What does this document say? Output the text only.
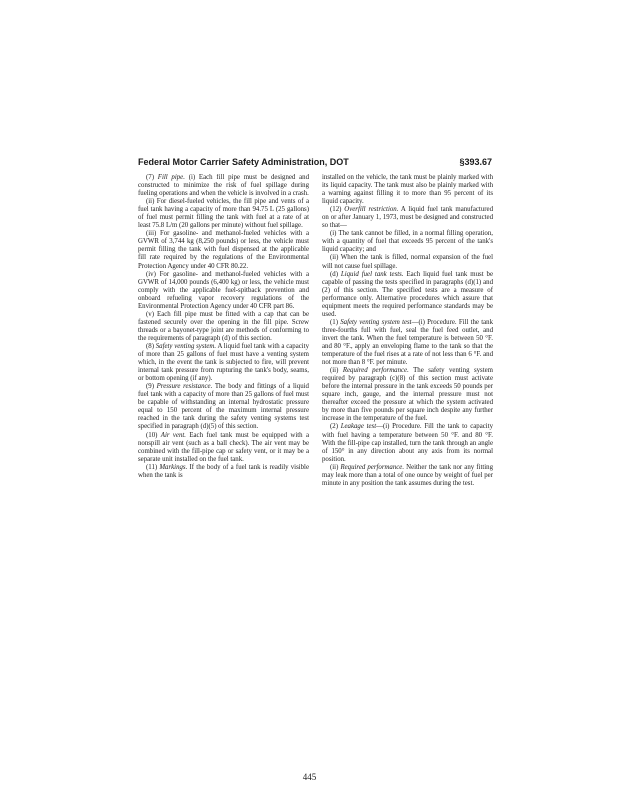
Federal Motor Carrier Safety Administration, DOT	§393.67

(7) Fill pipe. (i) Each fill pipe must be designed and constructed to minimize the risk of fuel spillage during fueling operations and when the vehicle is involved in a crash.

(ii) For diesel-fueled vehicles, the fill pipe and vents of a fuel tank having a capacity of more than 94.75 L (25 gallons) of fuel must permit filling the tank with fuel at a rate of at least 75.8 L/m (20 gallons per minute) without fuel spillage.

(iii) For gasoline- and methanol-fueled vehicles with a GVWR of 3,744 kg (8,250 pounds) or less, the vehicle must permit filling the tank with fuel dispensed at the applicable fill rate required by the regulations of the Environmental Protection Agency under 40 CFR 80.22.

(iv) For gasoline- and methanol-fueled vehicles with a GVWR of 14,000 pounds (6,400 kg) or less, the vehicle must comply with the applicable fuel-spitback prevention and onboard refueling vapor recovery regulations of the Environmental Protection Agency under 40 CFR part 86.

(v) Each fill pipe must be fitted with a cap that can be fastened securely over the opening in the fill pipe. Screw threads or a bayonet-type joint are methods of conforming to the requirements of paragraph (d) of this section.

(8) Safety venting system. A liquid fuel tank with a capacity of more than 25 gallons of fuel must have a venting system which, in the event the tank is subjected to fire, will prevent internal tank pressure from rupturing the tank's body, seams, or bottom opening (if any).

(9) Pressure resistance. The body and fittings of a liquid fuel tank with a capacity of more than 25 gallons of fuel must be capable of withstanding an internal hydrostatic pressure equal to 150 percent of the maximum internal pressure reached in the tank during the safety venting systems test specified in paragraph (d)(5) of this section.

(10) Air vent. Each fuel tank must be equipped with a nonspill air vent (such as a ball check). The air vent may be combined with the fill-pipe cap or safety vent, or it may be a separate unit installed on the fuel tank.

(11) Markings. If the body of a fuel tank is readily visible when the tank is

installed on the vehicle, the tank must be plainly marked with its liquid capacity. The tank must also be plainly marked with a warning against filling it to more than 95 percent of its liquid capacity.

(12) Overfill restriction. A liquid fuel tank manufactured on or after January 1, 1973, must be designed and constructed so that—

(i) The tank cannot be filled, in a normal filling operation, with a quantity of fuel that exceeds 95 percent of the tank's liquid capacity; and

(ii) When the tank is filled, normal expansion of the fuel will not cause fuel spillage.

(d) Liquid fuel tank tests. Each liquid fuel tank must be capable of passing the tests specified in paragraphs (d)(1) and (2) of this section. The specified tests are a measure of performance only. Alternative procedures which assure that equipment meets the required performance standards may be used.

(1) Safety venting system test—(i) Procedure. Fill the tank three-fourths full with fuel, seal the fuel feed outlet, and invert the tank. When the fuel temperature is between 50 °F. and 80 °F., apply an enveloping flame to the tank so that the temperature of the fuel rises at a rate of not less than 6 °F. and not more than 8 °F. per minute.

(ii) Required performance. The safety venting system required by paragraph (c)(8) of this section must activate before the internal pressure in the tank exceeds 50 pounds per square inch, gauge, and the internal pressure must not thereafter exceed the pressure at which the system activated by more than five pounds per square inch despite any further increase in the temperature of the fuel.

(2) Leakage test—(i) Procedure. Fill the tank to capacity with fuel having a temperature between 50 °F. and 80 °F. With the fill-pipe cap installed, turn the tank through an angle of 150° in any direction about any axis from its normal position.

(ii) Required performance. Neither the tank nor any fitting may leak more than a total of one ounce by weight of fuel per minute in any position the tank assumes during the test.

445
